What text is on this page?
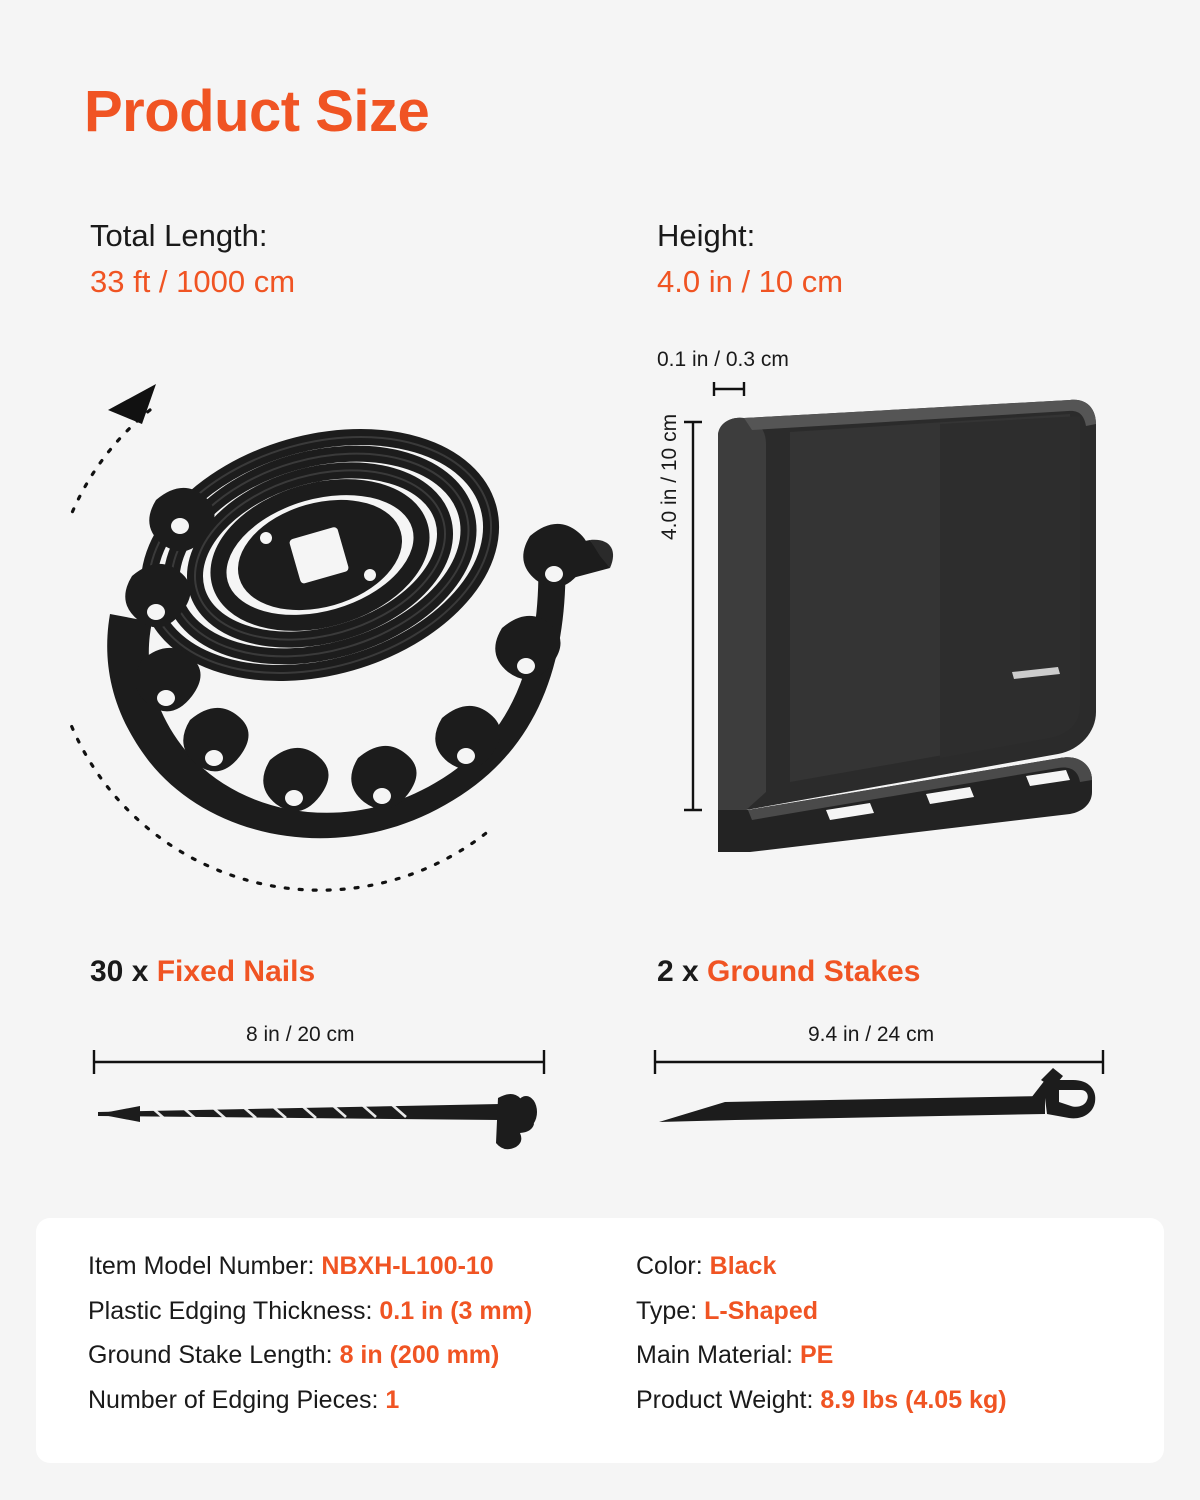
Product Size
Total Length:
33 ft / 1000 cm
Height:
4.0 in / 10 cm
0.1 in / 0.3 cm
4.0 in / 10 cm
30 x Fixed Nails	2 x Ground Stakes
8 in / 20 cm	9.4 in / 24 cm
Item Model Number: NBXH-L100-10
Plastic Edging Thickness: 0.1 in (3 mm)
Ground Stake Length: 8 in (200 mm)
Number of Edging Pieces: 1
Color: Black
Type: L-Shaped
Main Material: PE
Product Weight: 8.9 lbs (4.05 kg)
